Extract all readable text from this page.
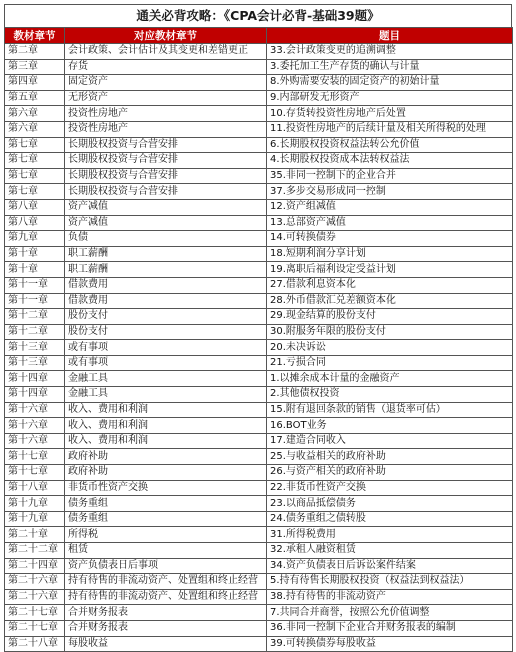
通关必背攻略：《CPA会计必背-基础39题》
教材章节	对应教材章节	题目
第二章	会计政策、会计估计及其变更和差错更正	33.会计政策变更的追溯调整
第三章	存货	3.委托加工生产存货的确认与计量
第四章	固定资产	8.外购需要安装的固定资产的初始计量
第五章	无形资产	9.内部研发无形资产
第六章	投资性房地产	10.存货转投资性房地产后处置
第六章	投资性房地产	11.投资性房地产的后续计量及相关所得税的处理
第七章	长期股权投资与合营安排	6.长期股权投资权益法转公允价值
第七章	长期股权投资与合营安排	4.长期股权投资成本法转权益法
第七章	长期股权投资与合营安排	35.非同一控制下的企业合并
第七章	长期股权投资与合营安排	37.多步交易形成同一控制
第八章	资产减值	12.资产组减值
第八章	资产减值	13.总部资产减值
第九章	负债	14.可转换债券
第十章	职工薪酬	18.短期利润分享计划
第十章	职工薪酬	19.离职后福利设定受益计划
第十一章	借款费用	27.借款利息资本化
第十一章	借款费用	28.外币借款汇兑差额资本化
第十二章	股份支付	29.现金结算的股份支付
第十二章	股份支付	30.附服务年限的股份支付
第十三章	或有事项	20.未决诉讼
第十三章	或有事项	21.亏损合同
第十四章	金融工具	1.以摊余成本计量的金融资产
第十四章	金融工具	2.其他债权投资
第十六章	收入、费用和利润	15.附有退回条款的销售（退货率可估）
第十六章	收入、费用和利润	16.BOT业务
第十六章	收入、费用和利润	17.建造合同收入
第十七章	政府补助	25.与收益相关的政府补助
第十七章	政府补助	26.与资产相关的政府补助
第十八章	非货币性资产交换	22.非货币性资产交换
第十九章	债务重组	23.以商品抵偿债务
第十九章	债务重组	24.债务重组之债转股
第二十章	所得税	31.所得税费用
第二十二章	租赁	32.承租人融资租赁
第二十四章	资产负债表日后事项	34.资产负债表日后诉讼案件结案
第二十六章	持有待售的非流动资产、处置组和终止经营	5.持有待售长期股权投资（权益法到权益法）
第二十六章	持有待售的非流动资产、处置组和终止经营	38.持有待售的非流动资产
第二十七章	合并财务报表	7.共同合并商誉，按照公允价值调整
第二十七章	合并财务报表	36.非同一控制下企业合并财务报表的编制
第二十八章	每股收益	39.可转换债券每股收益
